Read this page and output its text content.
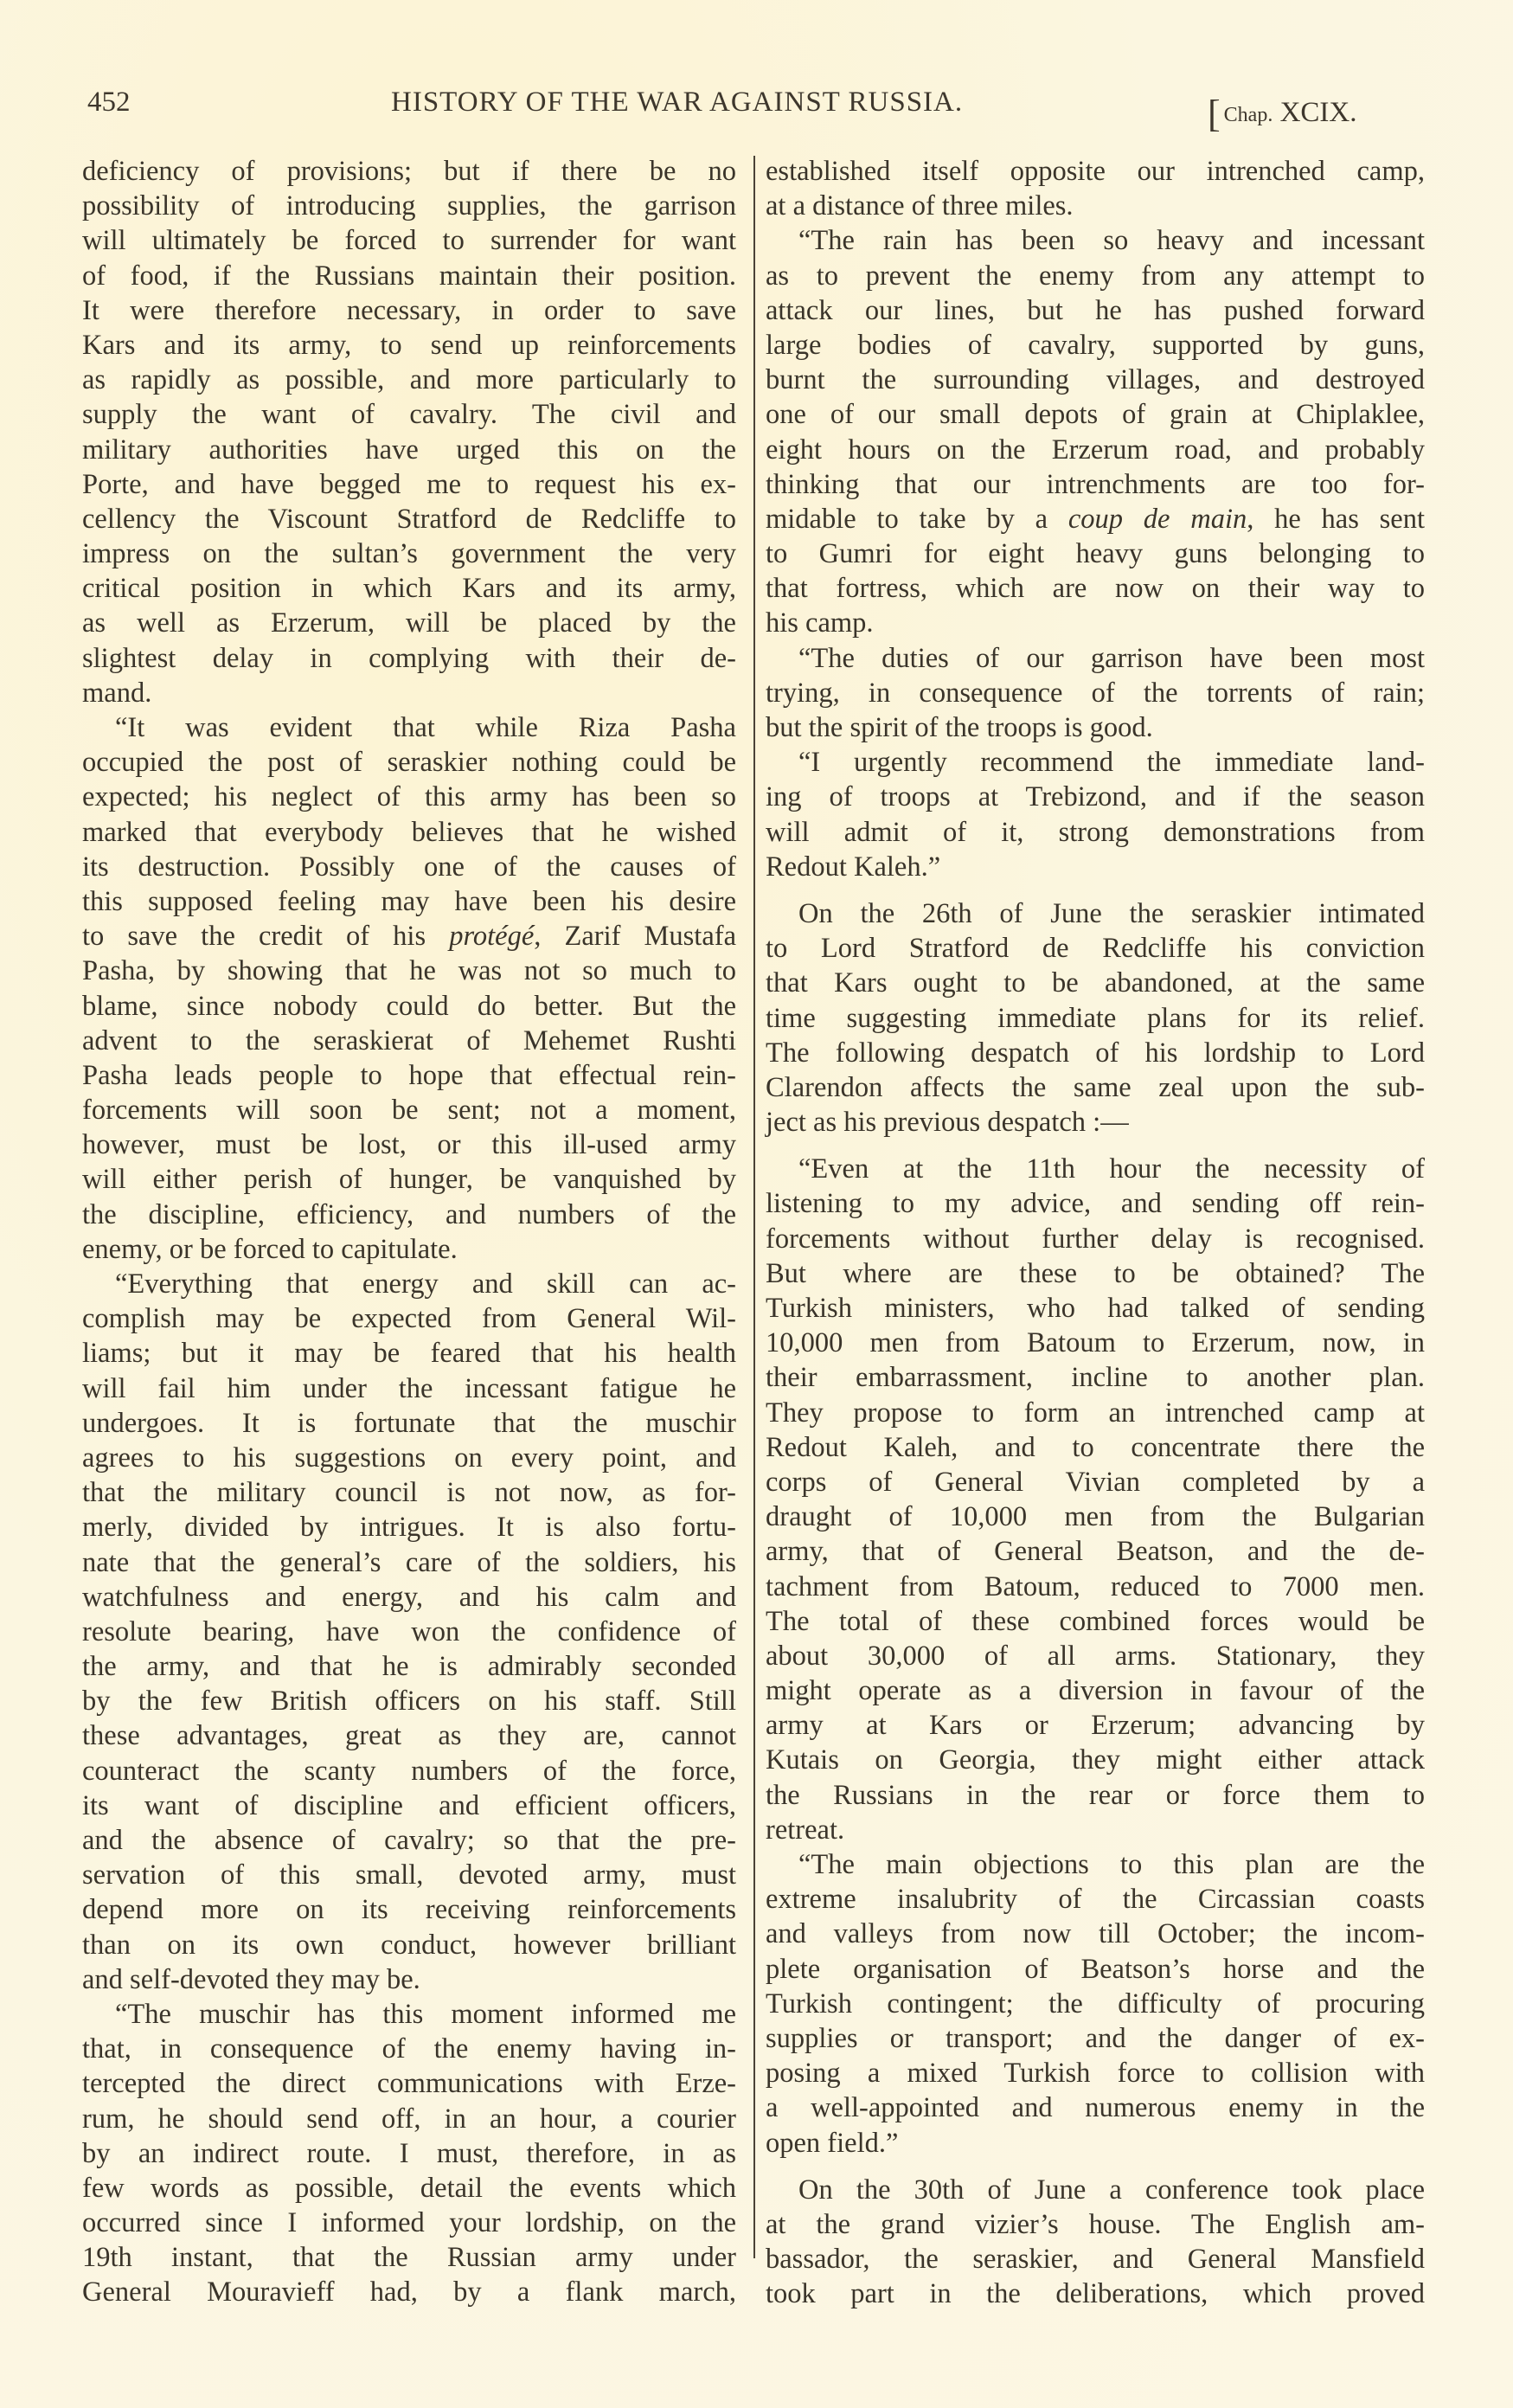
452	HISTORY OF THE WAR AGAINST RUSSIA.	[ Chap. XCIX.
deficiency of provisions; but if there be no
possibility of introducing supplies, the garrison
will ultimately be forced to surrender for want
of food, if the Russians maintain their position.
It were therefore necessary, in order to save
Kars and its army, to send up reinforcements
as rapidly as possible, and more particularly to
supply the want of cavalry. The civil and
military authorities have urged this on the
Porte, and have begged me to request his ex-
cellency the Viscount Stratford de Redcliffe to
impress on the sultan’s government the very
critical position in which Kars and its army,
as well as Erzerum, will be placed by the
slightest delay in complying with their de-
mand.
“It was evident that while Riza Pasha
occupied the post of seraskier nothing could be
expected; his neglect of this army has been so
marked that everybody believes that he wished
its destruction. Possibly one of the causes of
this supposed feeling may have been his desire
to save the credit of his protégé, Zarif Mustafa
Pasha, by showing that he was not so much to
blame, since nobody could do better. But the
advent to the seraskierat of Mehemet Rushti
Pasha leads people to hope that effectual rein-
forcements will soon be sent; not a moment,
however, must be lost, or this ill-used army
will either perish of hunger, be vanquished by
the discipline, efficiency, and numbers of the
enemy, or be forced to capitulate.
“Everything that energy and skill can ac-
complish may be expected from General Wil-
liams; but it may be feared that his health
will fail him under the incessant fatigue he
undergoes. It is fortunate that the muschir
agrees to his suggestions on every point, and
that the military council is not now, as for-
merly, divided by intrigues. It is also fortu-
nate that the general’s care of the soldiers, his
watchfulness and energy, and his calm and
resolute bearing, have won the confidence of
the army, and that he is admirably seconded
by the few British officers on his staff. Still
these advantages, great as they are, cannot
counteract the scanty numbers of the force,
its want of discipline and efficient officers,
and the absence of cavalry; so that the pre-
servation of this small, devoted army, must
depend more on its receiving reinforcements
than on its own conduct, however brilliant
and self-devoted they may be.
“The muschir has this moment informed me
that, in consequence of the enemy having in-
tercepted the direct communications with Erze-
rum, he should send off, in an hour, a courier
by an indirect route. I must, therefore, in as
few words as possible, detail the events which
occurred since I informed your lordship, on the
19th instant, that the Russian army under
General Mouravieff had, by a flank march,
established itself opposite our intrenched camp,
at a distance of three miles.
“The rain has been so heavy and incessant
as to prevent the enemy from any attempt to
attack our lines, but he has pushed forward
large bodies of cavalry, supported by guns,
burnt the surrounding villages, and destroyed
one of our small depots of grain at Chiplaklee,
eight hours on the Erzerum road, and probably
thinking that our intrenchments are too for-
midable to take by a coup de main, he has sent
to Gumri for eight heavy guns belonging to
that fortress, which are now on their way to
his camp.
“The duties of our garrison have been most
trying, in consequence of the torrents of rain;
but the spirit of the troops is good.
“I urgently recommend the immediate land-
ing of troops at Trebizond, and if the season
will admit of it, strong demonstrations from
Redout Kaleh.”
On the 26th of June the seraskier intimated
to Lord Stratford de Redcliffe his conviction
that Kars ought to be abandoned, at the same
time suggesting immediate plans for its relief.
The following despatch of his lordship to Lord
Clarendon affects the same zeal upon the sub-
ject as his previous despatch :—
“Even at the 11th hour the necessity of
listening to my advice, and sending off rein-
forcements without further delay is recognised.
But where are these to be obtained? The
Turkish ministers, who had talked of sending
10,000 men from Batoum to Erzerum, now, in
their embarrassment, incline to another plan.
They propose to form an intrenched camp at
Redout Kaleh, and to concentrate there the
corps of General Vivian completed by a
draught of 10,000 men from the Bulgarian
army, that of General Beatson, and the de-
tachment from Batoum, reduced to 7000 men.
The total of these combined forces would be
about 30,000 of all arms. Stationary, they
might operate as a diversion in favour of the
army at Kars or Erzerum; advancing by
Kutais on Georgia, they might either attack
the Russians in the rear or force them to
retreat.
“The main objections to this plan are the
extreme insalubrity of the Circassian coasts
and valleys from now till October; the incom-
plete organisation of Beatson’s horse and the
Turkish contingent; the difficulty of procuring
supplies or transport; and the danger of ex-
posing a mixed Turkish force to collision with
a well-appointed and numerous enemy in the
open field.”
On the 30th of June a conference took place
at the grand vizier’s house. The English am-
bassador, the seraskier, and General Mansfield
took part in the deliberations, which proved
